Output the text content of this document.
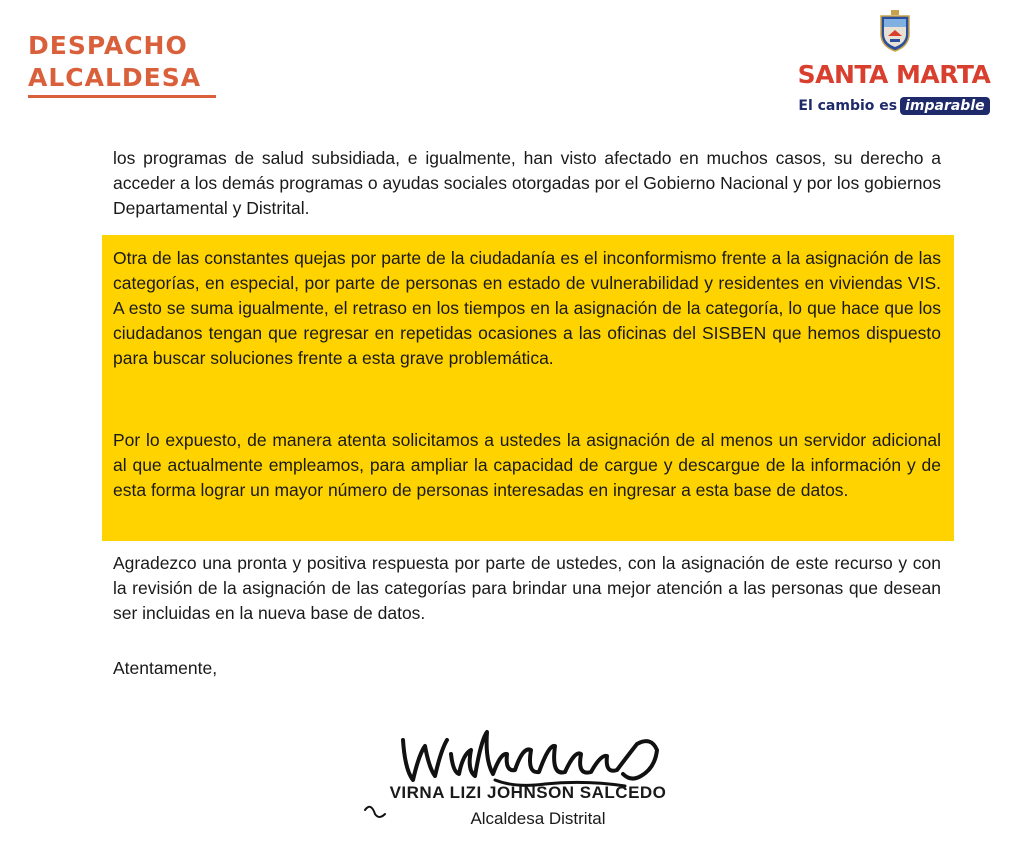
DESPACHO
ALCALDESA	SANTA MARTA
El cambio es imparable
los programas de salud subsidiada, e igualmente, han visto afectado en muchos casos, su derecho a acceder a los demás programas o ayudas sociales otorgadas por el Gobierno Nacional y por los gobiernos Departamental y Distrital.
Otra de las constantes quejas por parte de la ciudadanía es el inconformismo frente a la asignación de las categorías, en especial, por parte de personas en estado de vulnerabilidad y residentes en viviendas VIS. A esto se suma igualmente, el retraso en los tiempos en la asignación de la categoría, lo que hace que los ciudadanos tengan que regresar en repetidas ocasiones a las oficinas del SISBEN que hemos dispuesto para buscar soluciones frente a esta grave problemática.
Por lo expuesto, de manera atenta solicitamos a ustedes la asignación de al menos un servidor adicional al que actualmente empleamos, para ampliar la capacidad de cargue y descargue de la información y de esta forma lograr un mayor número de personas interesadas en ingresar a esta base de datos.
Agradezco una pronta y positiva respuesta por parte de ustedes, con la asignación de este recurso y con la revisión de la asignación de las categorías para brindar una mejor atención a las personas que desean ser incluidas en la nueva base de datos.
Atentamente,
VIRNA LIZI JOHNSON SALCEDO
Alcaldesa Distrital
